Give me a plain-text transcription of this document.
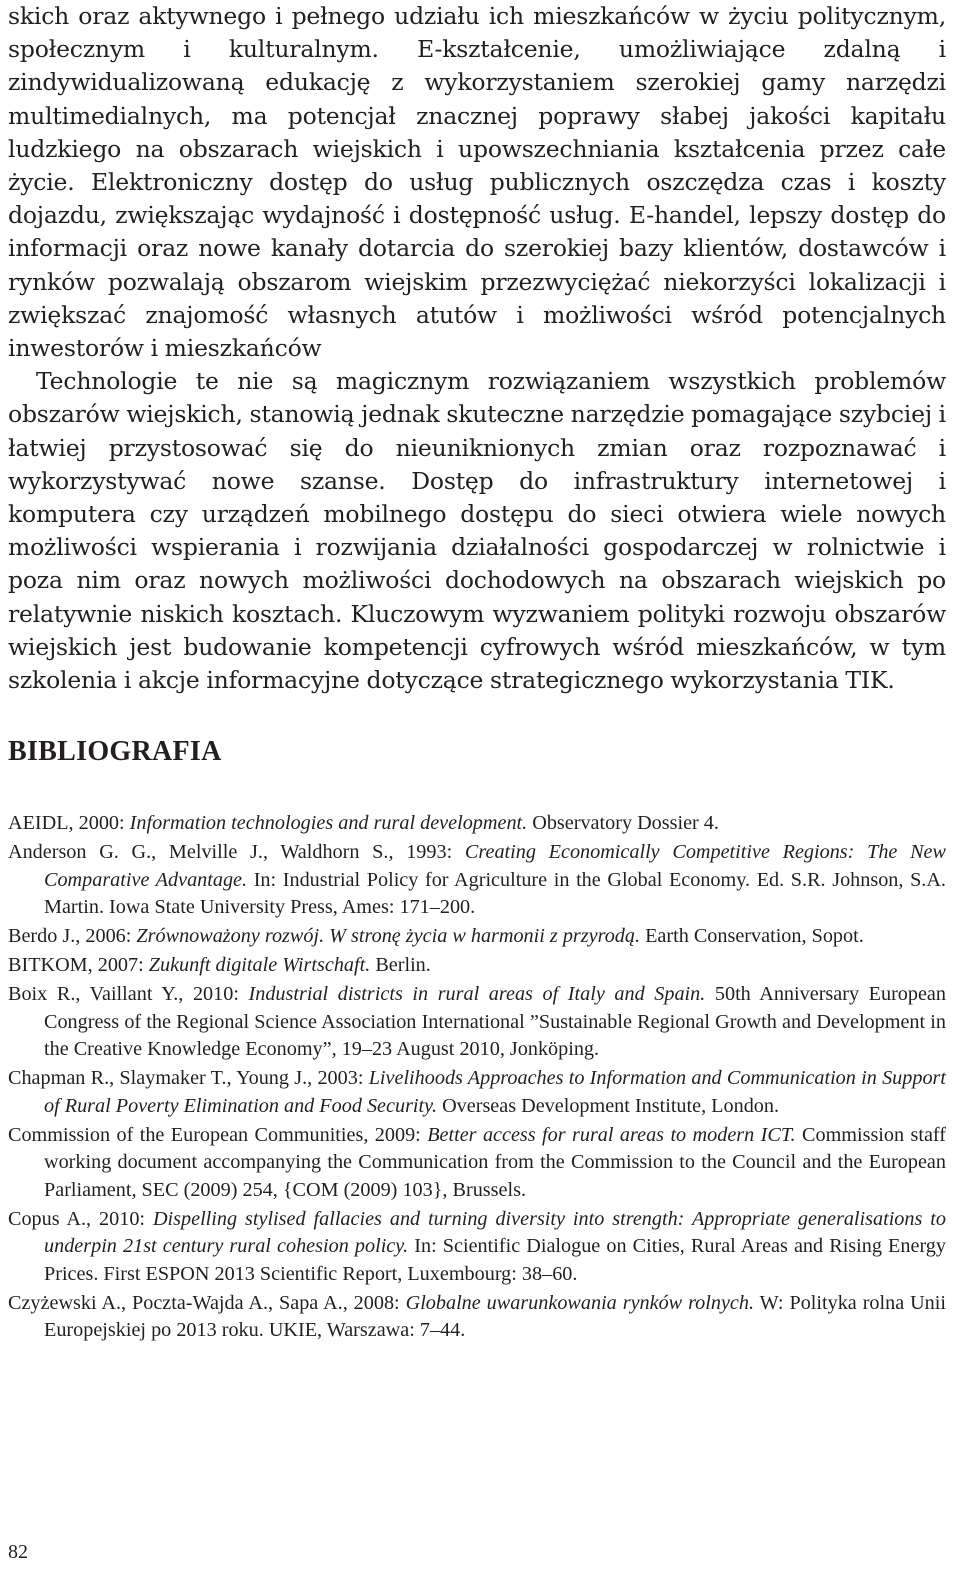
skich oraz aktywnego i pełnego udziału ich mieszkańców w życiu politycznym, społecznym i kulturalnym. E-kształcenie, umożliwiające zdalną i zindywidualizowaną edukację z wykorzystaniem szerokiej gamy narzędzi multimedialnych, ma potencjał znacznej poprawy słabej jakości kapitału ludzkiego na obszarach wiejskich i upowszechniania kształcenia przez całe życie. Elektroniczny dostęp do usług publicznych oszczędza czas i koszty dojazdu, zwiększając wydajność i dostępność usług. E-handel, lepszy dostęp do informacji oraz nowe kanały dotarcia do szerokiej bazy klientów, dostawców i rynków pozwalają obszarom wiejskim przezwyciężać niekorzyści lokalizacji i zwiększać znajomość własnych atutów i możliwości wśród potencjalnych inwestorów i mieszkańców

Technologie te nie są magicznym rozwiązaniem wszystkich problemów obszarów wiejskich, stanowią jednak skuteczne narzędzie pomagające szybciej i łatwiej przystosować się do nieuniknionych zmian oraz rozpoznawać i wykorzystywać nowe szanse. Dostęp do infrastruktury internetowej i komputera czy urządzeń mobilnego dostępu do sieci otwiera wiele nowych możliwości wspierania i rozwijania działalności gospodarczej w rolnictwie i poza nim oraz nowych możliwości dochodowych na obszarach wiejskich po relatywnie niskich kosztach. Kluczowym wyzwaniem polityki rozwoju obszarów wiejskich jest budowanie kompetencji cyfrowych wśród mieszkańców, w tym szkolenia i akcje informacyjne dotyczące strategicznego wykorzystania TIK.

BIBLIOGRAFIA
AEIDL, 2000: Information technologies and rural development. Observatory Dossier 4.
Anderson G. G., Melville J., Waldhorn S., 1993: Creating Economically Competitive Regions: The New Comparative Advantage. In: Industrial Policy for Agriculture in the Global Economy. Ed. S.R. Johnson, S.A. Martin. Iowa State University Press, Ames: 171–200.
Berdo J., 2006: Zrównoważony rozwój. W stronę życia w harmonii z przyrodą. Earth Conservation, Sopot.
BITKOM, 2007: Zukunft digitale Wirtschaft. Berlin.
Boix R., Vaillant Y., 2010: Industrial districts in rural areas of Italy and Spain. 50th Anniversary European Congress of the Regional Science Association International ”Sustainable Regional Growth and Development in the Creative Knowledge Economy”, 19–23 August 2010, Jonköping.
Chapman R., Slaymaker T., Young J., 2003: Livelihoods Approaches to Information and Communication in Support of Rural Poverty Elimination and Food Security. Overseas Development Institute, London.
Commission of the European Communities, 2009: Better access for rural areas to modern ICT. Commission staff working document accompanying the Communication from the Commission to the Council and the European Parliament, SEC (2009) 254, {COM (2009) 103}, Brussels.
Copus A., 2010: Dispelling stylised fallacies and turning diversity into strength: Appropriate generalisations to underpin 21st century rural cohesion policy. In: Scientific Dialogue on Cities, Rural Areas and Rising Energy Prices. First ESPON 2013 Scientific Report, Luxembourg: 38–60.
Czyżewski A., Poczta-Wajda A., Sapa A., 2008: Globalne uwarunkowania rynków rolnych. W: Polityka rolna Unii Europejskiej po 2013 roku. UKIE, Warszawa: 7–44.
82
